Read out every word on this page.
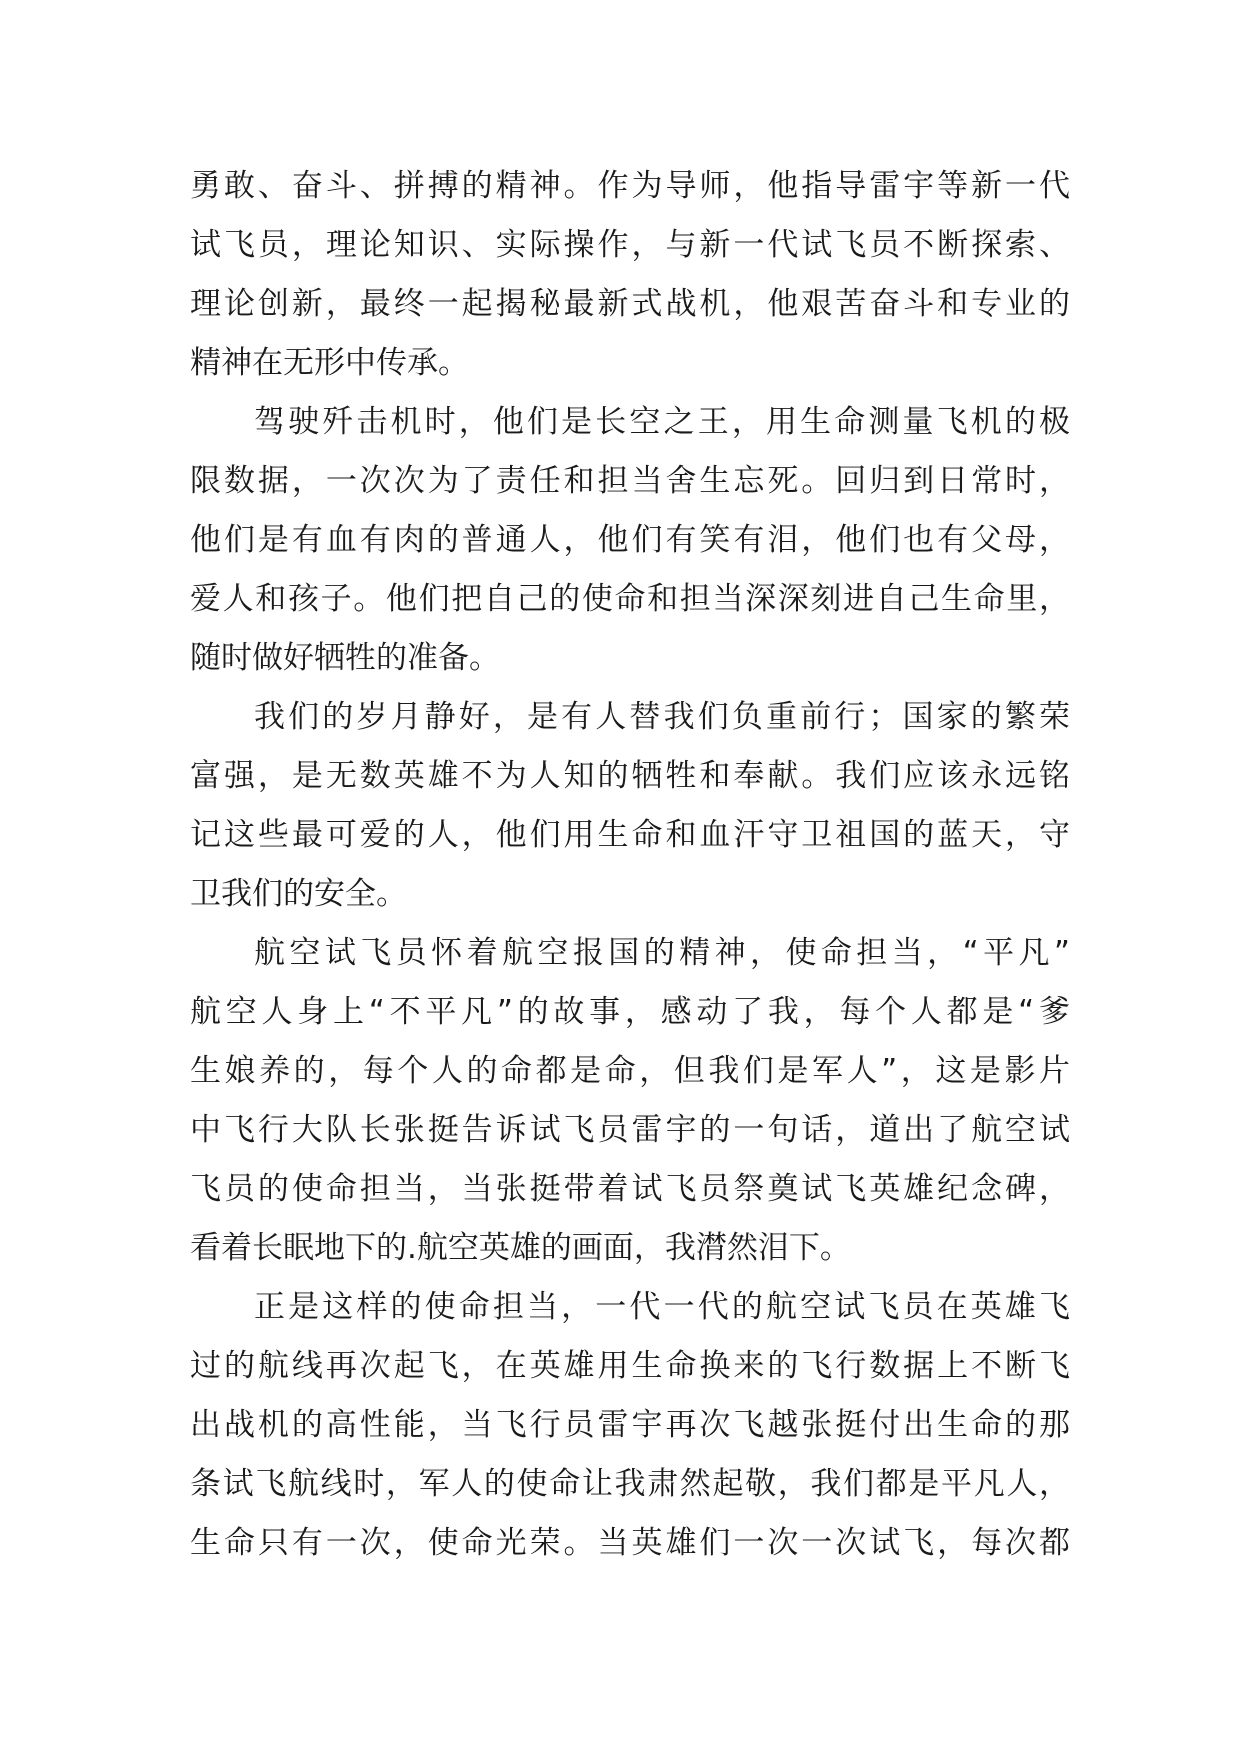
勇敢、奋斗、拼搏的精神。作为导师，他指导雷宇等新一代
试飞员，理论知识、实际操作，与新一代试飞员不断探索、
理论创新，最终一起揭秘最新式战机，他艰苦奋斗和专业的
精神在无形中传承。
驾驶歼击机时，他们是长空之王，用生命测量飞机的极
限数据，一次次为了责任和担当舍生忘死。回归到日常时，
他们是有血有肉的普通人，他们有笑有泪，他们也有父母，
爱人和孩子。他们把自己的使命和担当深深刻进自己生命里，
随时做好牺牲的准备。
我们的岁月静好，是有人替我们负重前行；国家的繁荣
富强，是无数英雄不为人知的牺牲和奉献。我们应该永远铭
记这些最可爱的人，他们用生命和血汗守卫祖国的蓝天，守
卫我们的安全。
航空试飞员怀着航空报国的精神，使命担当，“平凡”
航空人身上“不平凡”的故事，感动了我，每个人都是“爹
生娘养的，每个人的命都是命，但我们是军人”，这是影片
中飞行大队长张挺告诉试飞员雷宇的一句话，道出了航空试
飞员的使命担当，当张挺带着试飞员祭奠试飞英雄纪念碑，
看着长眠地下的.航空英雄的画面，我潸然泪下。
正是这样的使命担当，一代一代的航空试飞员在英雄飞
过的航线再次起飞，在英雄用生命换来的飞行数据上不断飞
出战机的高性能，当飞行员雷宇再次飞越张挺付出生命的那
条试飞航线时，军人的使命让我肃然起敬，我们都是平凡人，
生命只有一次，使命光荣。当英雄们一次一次试飞，每次都
